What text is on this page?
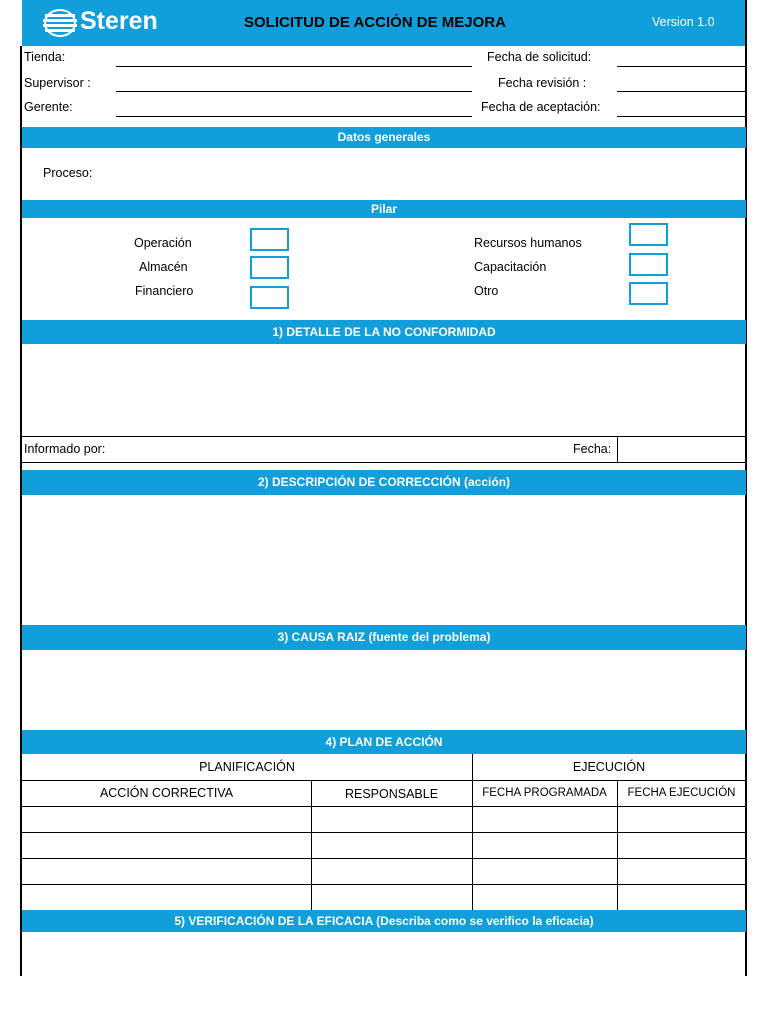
Steren	SOLICITUD DE ACCIÓN DE MEJORA	Version 1.0
Tienda:	Fecha de solicitud:
Supervisor :	Fecha revisión :
Gerente:	Fecha de aceptación:
Datos generales
Proceso:
Pilar
Operación
Almacén
Financiero
Recursos humanos
Capacitación
Otro
1) DETALLE DE LA NO CONFORMIDAD
Informado por:	Fecha:
2) DESCRIPCIÓN DE CORRECCIÓN (acción)
3) CAUSA RAIZ (fuente del problema)
4) PLAN DE ACCIÓN
PLANIFICACIÓN	EJECUCIÓN
ACCIÓN CORRECTIVA	RESPONSABLE	FECHA PROGRAMADA	FECHA EJECUCIÓN
5) VERIFICACIÓN DE LA EFICACIA (Describa como se verifico la eficacia)
